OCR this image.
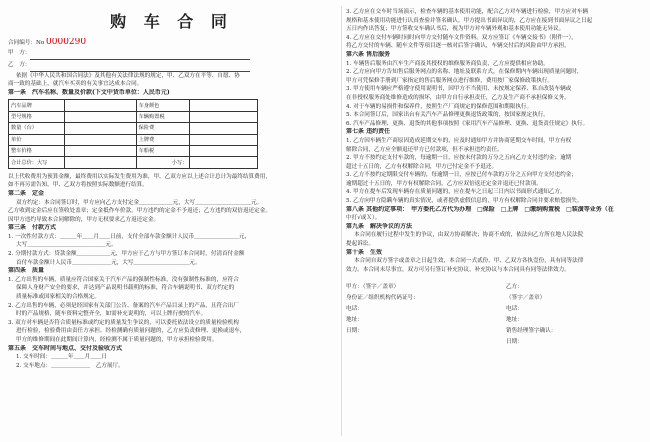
购 车 合 同
合同编号：No 0000290
甲　方：
乙　方：
依据《中华人民共和国合同法》及其他有关法律法规的规定，甲、乙双方在平等、自愿、协
商一致的基础上，就汽车买卖的有关事宜达成本合同。
第一条　汽车名称、数量及价款(下文中货币单位：人民币元)
汽车品牌		车身颜色	
型号规格		车辆购置税	
数量（台）		保险费	
单价		上牌费	
整车价格		车船税	
合计总价：大写		小写：	
以上代收费用为预算金额，最终费用以实际发生费用为准，甲、乙双方应以上述合计总计为最终结算费用，
如不再另需告知，甲、乙双方将按照实际数额进行结算。
第二条　定金
双方约定：本合同签订时，甲方应向乙方支付定金＿＿＿＿＿＿元，大写＿＿＿＿＿＿＿＿＿＿元。
乙方收到定金后应在签收处盖章；定金抵作车价款。甲方违约的定金不予返还；乙方违约的双倍返还定金。
因甲方违约导致本合同解除的，甲方无权要求乙方返还定金。
第三条　付款方式
1. 一次性付款方式：＿＿＿年＿＿月＿＿日前，支付全部车款金额计人民币＿＿＿＿＿＿＿＿元，
大写＿＿＿＿＿＿＿＿＿＿＿＿＿＿元。
2. 分期付款方式：贷款金额＿＿＿＿＿＿元，甲方应于乙方与甲方签订本合同时，付清首付金额
首付车款金额计人民币＿＿＿＿＿＿＿元，大写＿＿＿＿＿＿＿＿＿＿元。
第四条　质量
1. 乙方出售的车辆，质量应符合国家关于汽车产品的强制性标准，没有强制性标准的，应符合
保障人身财产安全的要求，并达到产品说明书载明的标准，符合车辆说明书、双方约定的
质量标准或国家相关的合格规定。
2. 乙方出售的车辆，必须是经国家有关部门公告、备案的汽车产品目录上的产品，且符合出厂
时的产品规格，随车资料完整齐全，如需补充说明的，可以上牌行驶的汽车。
3. 双方对车辆是否符合质量标准或约定的质量发生争议的，可以委托依法设立的质量检验机构
进行检验，检验费用由责任方承担。经检测确有质量问题的，乙方应负责修理、更换或退车，
甲方的维修期间在此期间计算内，经检测不属于质量问题的，甲方承担检验费用。
第五条　交车时间与地点、交付及验收方式
1. 交车时间：＿＿＿年＿＿月＿＿日
2. 交车地点：＿＿＿＿＿＿＿　乙方展厅。
3. 乙方应在交车时当场演示，检查车辆的基本使用功能，配合乙方对车辆进行检验，甲方应对车辆
规格和基本使用功能进行认真查验并签名确认。甲方提出书面异议的，乙方应在接到书面异议之日起
五日内作出答复；甲方签收交车确认书后，视为甲方对车辆外观和基本使用功能无异议。
4. 乙方应在交付车辆时同时向甲方交付随车文件资料。双方应签订《车辆交接书》（附件一），
将乙方交付的车辆、随车文件等项目逐一核对后签字确认，车辆交付后的风险由甲方承担。
第六条 售后服务
1. 车辆售后服务由汽车生产商及其授权的维修服务商负责，乙方应提供相应协助。
2. 乙方应向甲方告知售后服务网点的名称、地址及联系方式，在保修期内车辆出现质量问题时，
甲方可凭保修手册到厂家指定的售后服务网点进行维修，费用按厂家保修政策执行。
3. 甲方使用车辆应严格遵守使用说明书，因甲方不当使用、未按规定保养、私自改装车辆或
在非授权服务商处维修造成的损坏，由甲方自行承担责任，乙方及生产商不承担保修义务。
4. 对于车辆的易损件和保养件，按照生产厂商规定的保修范围和期限执行。
5. 本合同签订后，国家出台有关汽车产品修理更换退货政策的，按国家规定执行。
6. 汽车产品修理、更换、退货的其他事项按照《家用汽车产品修理、更换、退货责任规定》执行。
第七条 违约责任
1. 乙方因车辆生产商原因造成延期交车的，应及时通知甲方并协商延期交车时间，甲方有权
解除合同，乙方应全额退还甲方已付款项，但不承担违约责任。
2. 甲方不按约定支付车款的，每逾期一日，应按未付款的万分之五向乙方支付违约金；逾期
超过十五日的，乙方有权解除合同，甲方已付定金不予退还。
3. 乙方不按约定期限交付车辆的，每逾期一日，应按已付车款的万分之五向甲方支付违约金；
逾期超过十五日的，甲方有权解除合同，乙方应双倍返还定金并退还已付款项。
4. 甲方在提车后发现车辆存在质量问题的，应在提车之日起三日内以书面形式通知乙方。
5. 乙方向甲方隐瞒车辆的真实情况，或者提供虚假信息的，甲方有权解除合同并要求赔偿损失。
第八条 其他约定事项：　甲方委托乙方代为办理　□保险　□上牌　□缴纳购置税　□装潢等业务（在
中打√或Ｘ）。
第九条　解决争议的方法
本合同在履行过程中发生的争议，由双方协商解决；协商不成的，依法向乙方所在地人民法院
提起诉讼。
第十条　生效
本合同自双方签字或盖章之日起生效，本合同一式贰份，甲、乙双方各执壹份，具有同等法律
效力。本合同未尽事宜，双方可另行签订补充协议，补充协议与本合同具有同等法律效力。
甲方：（签字／盖章）
身份证／组织机构代码证号：
电话：
地址：
日期：
乙方：
（签字／盖章）
电话：
地址：
销售经理签字确认：
日期：
